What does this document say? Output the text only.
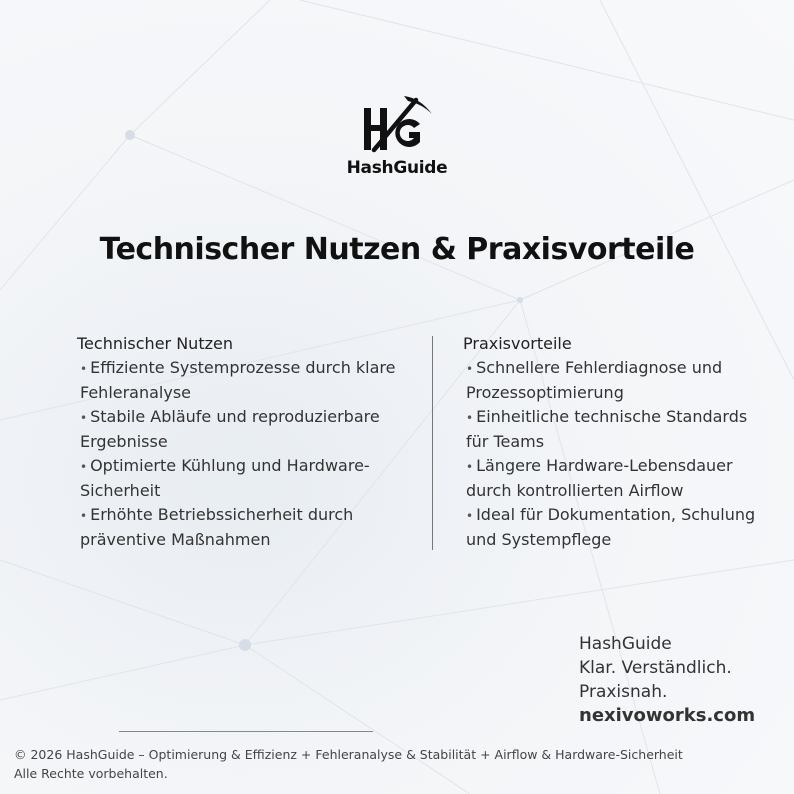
HashGuide
Technischer Nutzen & Praxisvorteile
Technischer Nutzen
• Effiziente Systemprozesse durch klare Fehleranalyse
• Stabile Abläufe und reproduzierbare Ergebnisse
• Optimierte Kühlung und Hardware-Sicherheit
• Erhöhte Betriebssicherheit durch präventive Maßnahmen
Praxisvorteile
• Schnellere Fehlerdiagnose und Prozessoptimierung
• Einheitliche technische Standards für Teams
• Längere Hardware-Lebensdauer durch kontrollierten Airflow
• Ideal für Dokumentation, Schulung und Systempflege
HashGuide
Klar. Verständlich.
Praxisnah.
nexivoworks.com
© 2026 HashGuide – Optimierung & Effizienz + Fehleranalyse & Stabilität + Airflow & Hardware-Sicherheit
Alle Rechte vorbehalten.
